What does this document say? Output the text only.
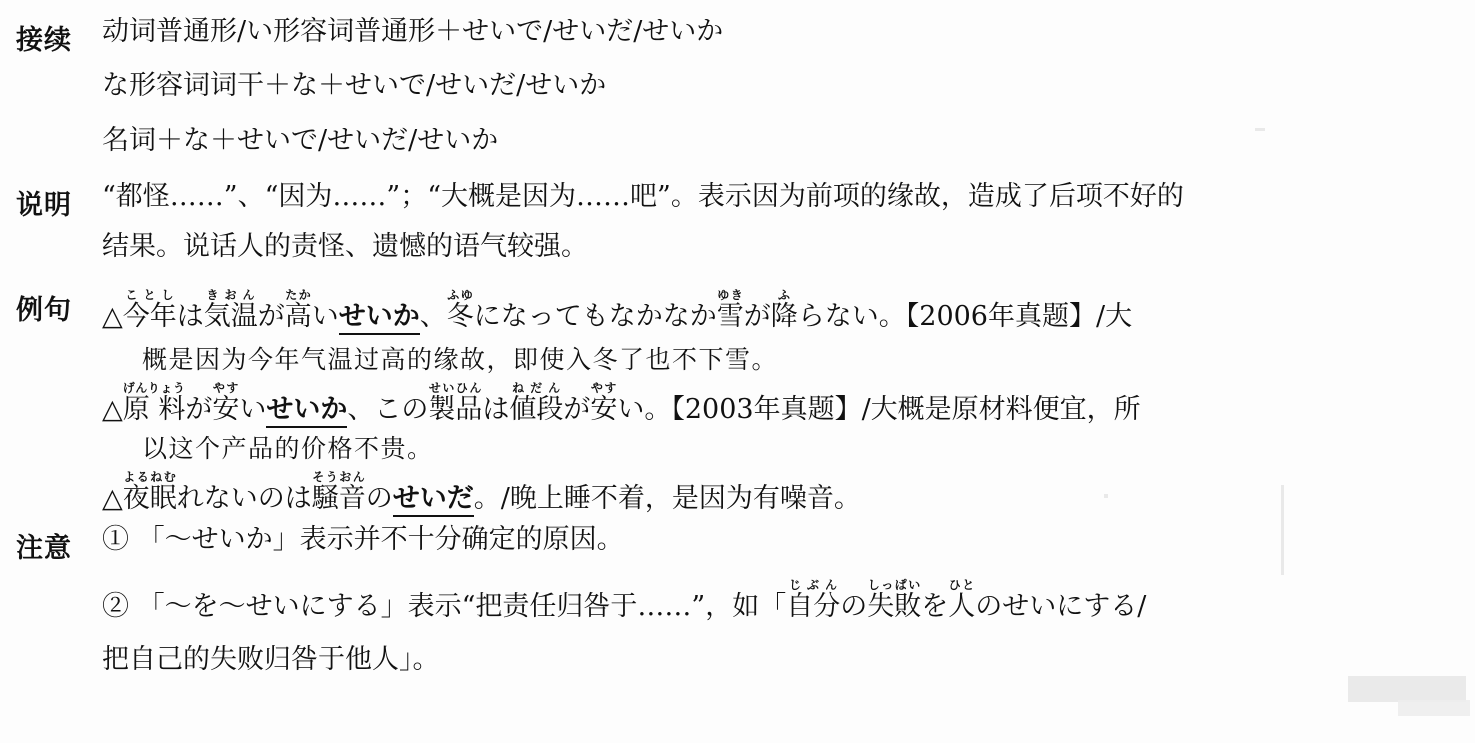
接续	动词普通形/い形容词普通形＋せいで/せいだ/せいか
な形容词词干＋な＋せいで/せいだ/せいか
名词＋な＋せいで/せいだ/せいか
说明	“都怪……”、“因为……”；“大概是因为……吧”。表示因为前项的缘故，造成了后项不好的
结果。说话人的责怪、遗憾的语气较强。
例句	△今年ことしは気温きおんが高たかいせいか、冬ふゆになってもなかなか雪ゆきが降ふらない。【2006年真题】/大
概是因为今年气温过高的缘故，即使入冬了也不下雪。
△原 料げんりょうが安やすいせいか、この製品せいひんは値段ねだんが安やすい。【2003年真题】/大概是原材料便宜，所
以这个产品的价格不贵。
△夜よる眠ねむれないのは騒音そうおんのせいだ。/晚上睡不着，是因为有噪音。
注意	① 「～せいか」表示并不十分确定的原因。
② 「～を～せいにする」表示“把责任归咎于……”，如「自分じぶんの失敗しっぱいを人ひとのせいにする/
把自己的失败归咎于他人」。
